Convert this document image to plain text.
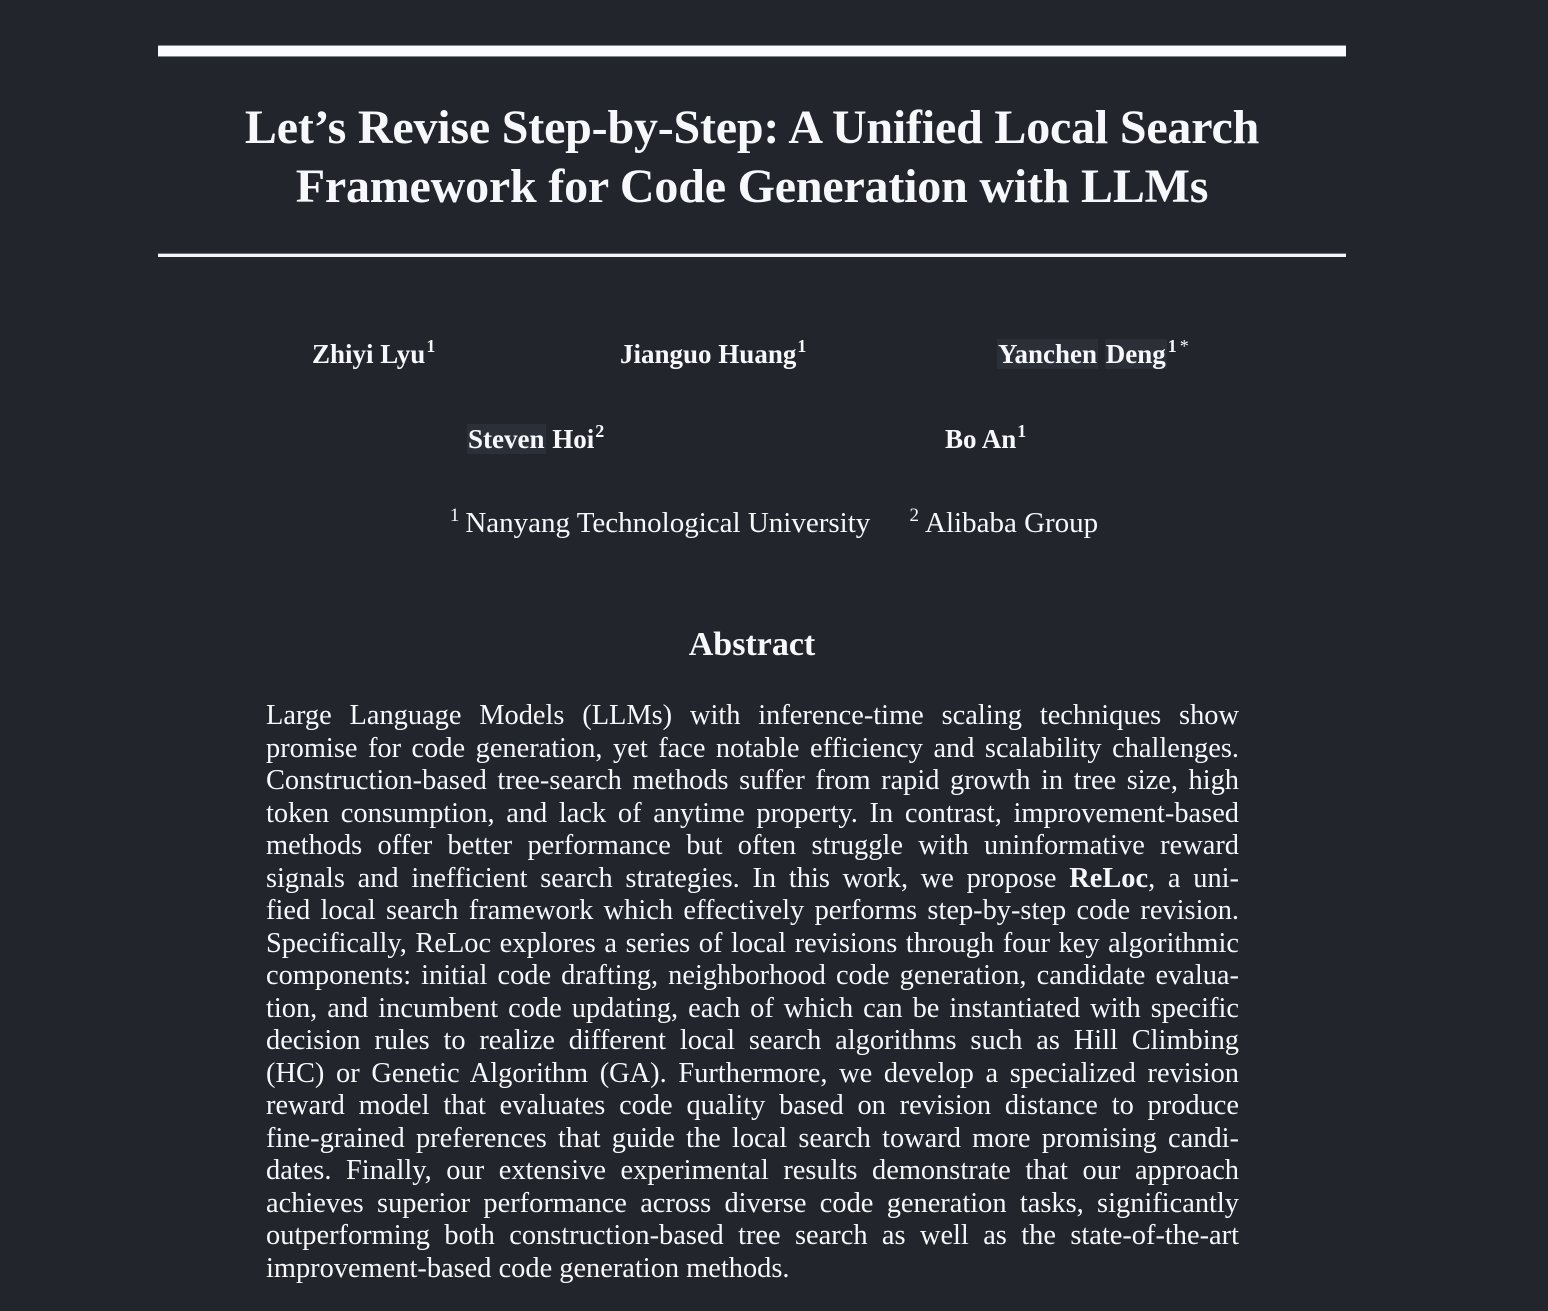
Let’s Revise Step-by-Step: A Unified Local Search
Framework for Code Generation with LLMs
Zhiyi Lyu$^1$	Jianguo Huang$^1$	Yanchen Deng $^1$ *
Steven Hoi$^2$	Bo An$^1$
$^1$ Nanyang Technological University $^2$ Alibaba Group
Abstract
Large Language Models (LLMs) with inference-time scaling techniques show
promise for code generation, yet face notable efficiency and scalability challenges.
Construction-based tree-search methods suffer from rapid growth in tree size, high
token consumption, and lack of anytime property. In contrast, improvement-based
methods offer better performance but often struggle with uninformative reward
signals and inefficient search strategies. In this work, we propose ReLoc, a uni-
fied local search framework which effectively performs step-by-step code revision.
Specifically, ReLoc explores a series of local revisions through four key algorithmic
components: initial code drafting, neighborhood code generation, candidate evalua-
tion, and incumbent code updating, each of which can be instantiated with specific
decision rules to realize different local search algorithms such as Hill Climbing
(HC) or Genetic Algorithm (GA). Furthermore, we develop a specialized revision
reward model that evaluates code quality based on revision distance to produce
fine-grained preferences that guide the local search toward more promising candi-
dates. Finally, our extensive experimental results demonstrate that our approach
achieves superior performance across diverse code generation tasks, significantly
outperforming both construction-based tree search as well as the state-of-the-art
improvement-based code generation methods.
